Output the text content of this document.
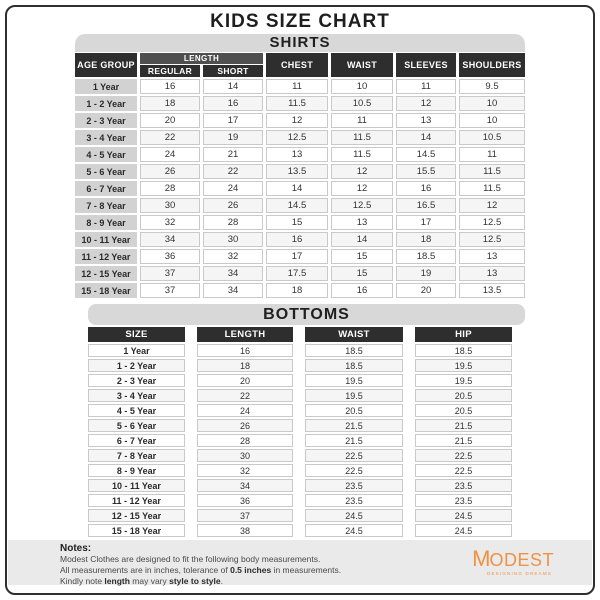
KIDS SIZE CHART
SHIRTS
AGE GROUP
LENGTH
REGULAR	SHORT
CHEST	WAIST	SLEEVES	SHOULDERS
1 Year	16	14	11	10	11	9.5
1 - 2 Year	18	16	11.5	10.5	12	10
2 - 3 Year	20	17	12	11	13	10
3 - 4 Year	22	19	12.5	11.5	14	10.5
4 - 5 Year	24	21	13	11.5	14.5	11
5 - 6 Year	26	22	13.5	12	15.5	11.5
6 - 7 Year	28	24	14	12	16	11.5
7 - 8 Year	30	26	14.5	12.5	16.5	12
8 - 9 Year	32	28	15	13	17	12.5
10 - 11 Year	34	30	16	14	18	12.5
11 - 12 Year	36	32	17	15	18.5	13
12 - 15 Year	37	34	17.5	15	19	13
15 - 18 Year	37	34	18	16	20	13.5
BOTTOMS
SIZE	LENGTH	WAIST	HIP
1 Year	16	18.5	18.5
1 - 2 Year	18	18.5	19.5
2 - 3 Year	20	19.5	19.5
3 - 4 Year	22	19.5	20.5
4 - 5 Year	24	20.5	20.5
5 - 6 Year	26	21.5	21.5
6 - 7 Year	28	21.5	21.5
7 - 8 Year	30	22.5	22.5
8 - 9 Year	32	22.5	22.5
10 - 11 Year	34	23.5	23.5
11 - 12 Year	36	23.5	23.5
12 - 15 Year	37	24.5	24.5
15 - 18 Year	38	24.5	24.5
Notes:
Modest Clothes are designed to fit the following body measurements.
All measurements are in inches, tolerance of 0.5 inches in measurements.
Kindly note length may vary style to style.
MODEST
DESIGNING DREAMS
